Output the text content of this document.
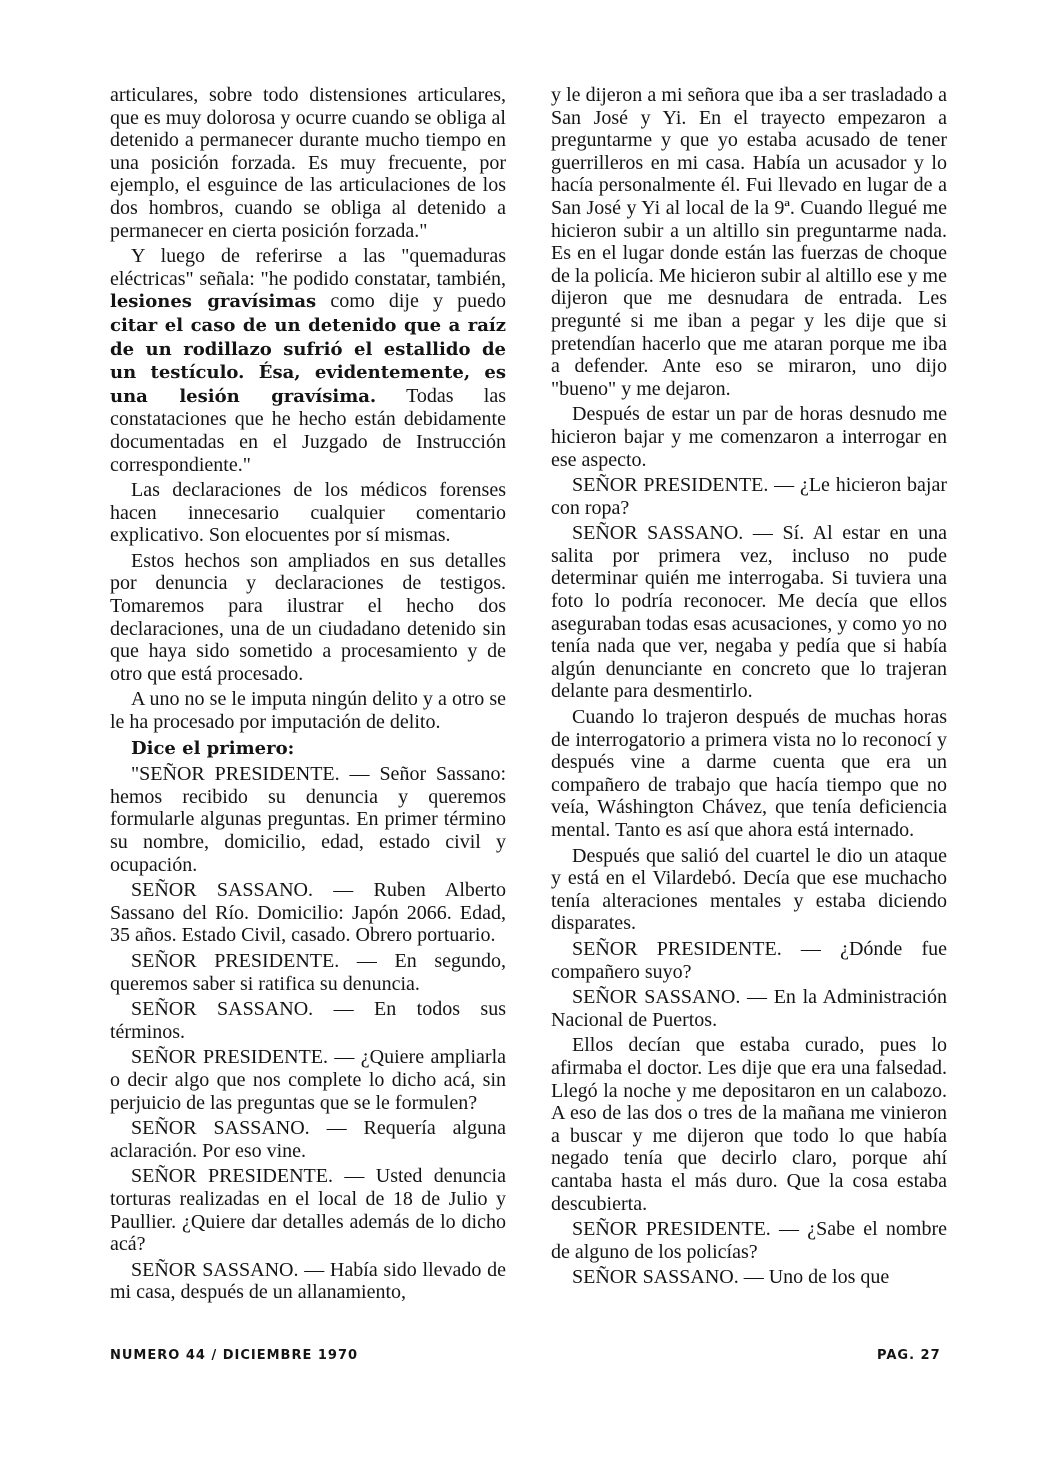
articulares, sobre todo distensiones articulares, que es muy dolorosa y ocurre cuando se obliga al detenido a permanecer durante mucho tiempo en una posición forzada. Es muy frecuente, por ejemplo, el esguince de las articulaciones de los dos hombros, cuando se obliga al detenido a permanecer en cierta posición forzada."

Y luego de referirse a las "quemaduras eléctricas" señala: "he podido constatar, también, lesiones gravísimas como dije y puedo citar el caso de un detenido que a raíz de un rodillazo sufrió el estallido de un testículo. Ésa, evidentemente, es una lesión gravísima. Todas las constataciones que he hecho están debidamente documentadas en el Juzgado de Instrucción correspondiente."

Las declaraciones de los médicos forenses hacen innecesario cualquier comentario explicativo. Son elocuentes por sí mismas.

Estos hechos son ampliados en sus detalles por denuncia y declaraciones de testigos. Tomaremos para ilustrar el hecho dos declaraciones, una de un ciudadano detenido sin que haya sido sometido a procesamiento y de otro que está procesado.

A uno no se le imputa ningún delito y a otro se le ha procesado por imputación de delito.

Dice el primero:

"SEÑOR PRESIDENTE. — Señor Sassano: hemos recibido su denuncia y queremos formularle algunas preguntas. En primer término su nombre, domicilio, edad, estado civil y ocupación.

SEÑOR SASSANO. — Ruben Alberto Sassano del Río. Domicilio: Japón 2066. Edad, 35 años. Estado Civil, casado. Obrero portuario.

SEÑOR PRESIDENTE. — En segundo, queremos saber si ratifica su denuncia.

SEÑOR SASSANO. — En todos sus términos.

SEÑOR PRESIDENTE. — ¿Quiere ampliarla o decir algo que nos complete lo dicho acá, sin perjuicio de las preguntas que se le formulen?

SEÑOR SASSANO. — Requería alguna aclaración. Por eso vine.

SEÑOR PRESIDENTE. — Usted denuncia torturas realizadas en el local de 18 de Julio y Paullier. ¿Quiere dar detalles además de lo dicho acá?

SEÑOR SASSANO. — Había sido llevado de mi casa, después de un allanamiento,

y le dijeron a mi señora que iba a ser trasladado a San José y Yi. En el trayecto empezaron a preguntarme y que yo estaba acusado de tener guerrilleros en mi casa. Había un acusador y lo hacía personalmente él. Fui llevado en lugar de a San José y Yi al local de la 9ª. Cuando llegué me hicieron subir a un altillo sin preguntarme nada. Es en el lugar donde están las fuerzas de choque de la policía. Me hicieron subir al altillo ese y me dijeron que me desnudara de entrada. Les pregunté si me iban a pegar y les dije que si pretendían hacerlo que me ataran porque me iba a defender. Ante eso se miraron, uno dijo "bueno" y me dejaron.

Después de estar un par de horas desnudo me hicieron bajar y me comenzaron a interrogar en ese aspecto.

SEÑOR PRESIDENTE. — ¿Le hicieron bajar con ropa?

SEÑOR SASSANO. — Sí. Al estar en una salita por primera vez, incluso no pude determinar quién me interrogaba. Si tuviera una foto lo podría reconocer. Me decía que ellos aseguraban todas esas acusaciones, y como yo no tenía nada que ver, negaba y pedía que si había algún denunciante en concreto que lo trajeran delante para desmentirlo.

Cuando lo trajeron después de muchas horas de interrogatorio a primera vista no lo reconocí y después vine a darme cuenta que era un compañero de trabajo que hacía tiempo que no veía, Wáshington Chávez, que tenía deficiencia mental. Tanto es así que ahora está internado.

Después que salió del cuartel le dio un ataque y está en el Vilardebó. Decía que ese muchacho tenía alteraciones mentales y estaba diciendo disparates.

SEÑOR PRESIDENTE. — ¿Dónde fue compañero suyo?

SEÑOR SASSANO. — En la Administración Nacional de Puertos.

Ellos decían que estaba curado, pues lo afirmaba el doctor. Les dije que era una falsedad. Llegó la noche y me depositaron en un calabozo. A eso de las dos o tres de la mañana me vinieron a buscar y me dijeron que todo lo que había negado tenía que decirlo claro, porque ahí cantaba hasta el más duro. Que la cosa estaba descubierta.

SEÑOR PRESIDENTE. — ¿Sabe el nombre de alguno de los policías?

SEÑOR SASSANO. — Uno de los que

NUMERO 44 / DICIEMBRE 1970	PAG. 27
